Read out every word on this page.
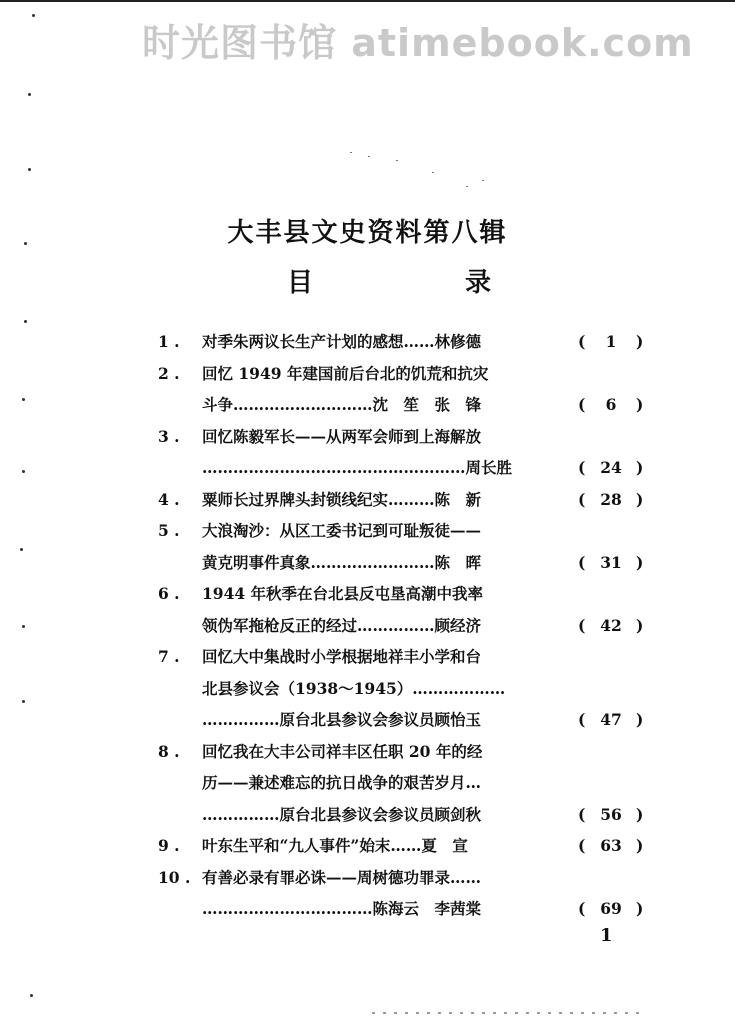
时光图书馆 atimebook.com
大丰县文史资料第八辑
目	录
1 .	对季朱两议长生产计划的感想……林修德	(	1	)
2 .	回忆 1949 年建国前后台北的饥荒和抗灾
斗争………………………沈　笙　张　锋	(	6	)
3 .	回忆陈毅军长——从两军会师到上海解放
……………………………………………周长胜	( 24 )
4 .	粟师长过界牌头封锁线纪实………陈　新	( 28 )
5 .	大浪淘沙：从区工委书记到可耻叛徒——
黄克明事件真象……………………陈　晖	( 31 )
6 .	1944 年秋季在台北县反屯垦高潮中我率
领伪军拖枪反正的经过……………顾经济	( 42 )
7 .	回忆大中集战时小学根据地祥丰小学和台
北县参议会（1938～1945）………………
……………原台北县参议会参议员顾怡玉	( 47 )
8 .	回忆我在大丰公司祥丰区任职 20 年的经
历——兼述难忘的抗日战争的艰苦岁月…
……………原台北县参议会参议员顾剑秋	( 56 )
9 .	叶东生平和“九人事件”始末……夏　宣	( 63 )
10 . 有善必录有罪必诛——周树德功罪录……
……………………………陈海云　李茜棠	( 69 )
1
